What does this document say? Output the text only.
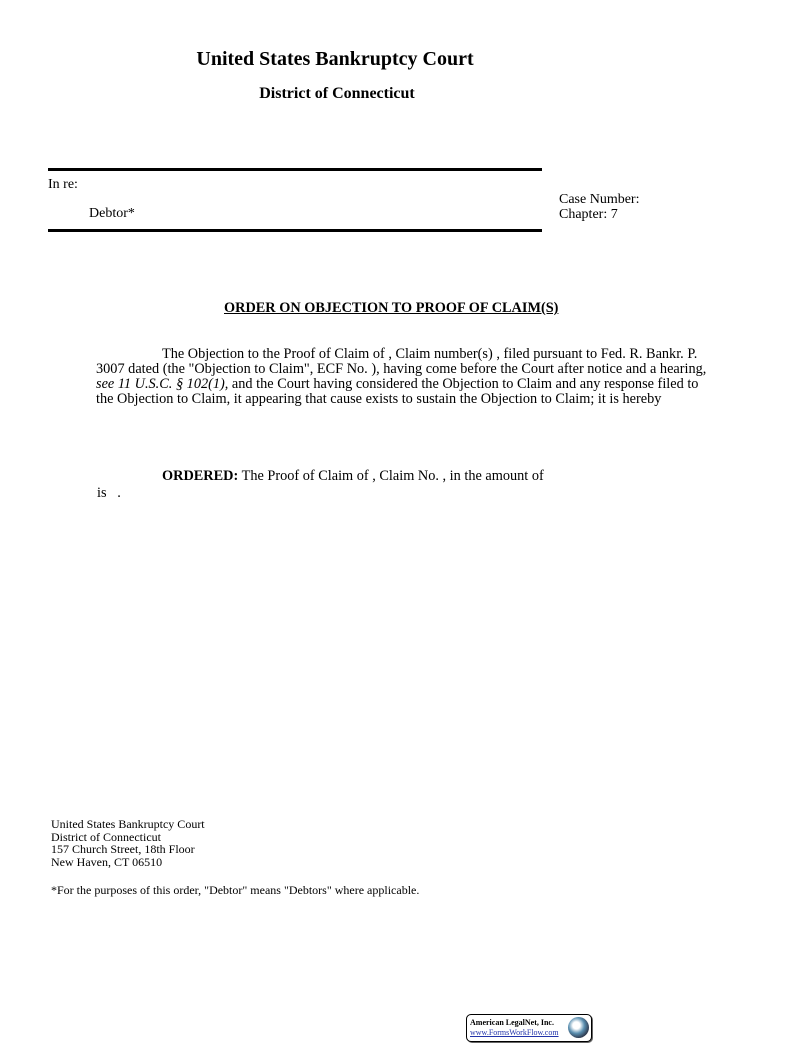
United States Bankruptcy Court
District of Connecticut
In re:
Debtor*
Case Number:
Chapter: 7
ORDER ON OBJECTION TO PROOF OF CLAIM(S)
The Objection to the Proof of Claim of , Claim number(s) , filed pursuant to Fed. R. Bankr. P. 3007 dated (the "Objection to Claim", ECF No. ), having come before the Court after notice and a hearing, see 11 U.S.C. § 102(1), and the Court having considered the Objection to Claim and any response filed to the Objection to Claim, it appearing that cause exists to sustain the Objection to Claim; it is hereby
ORDERED: The Proof of Claim of , Claim No. , in the amount of
is   .
United States Bankruptcy Court
District of Connecticut
157 Church Street, 18th Floor
New Haven, CT 06510
*For the purposes of this order, "Debtor" means "Debtors" where applicable.
American LegalNet, Inc.
www.FormsWorkFlow.com
